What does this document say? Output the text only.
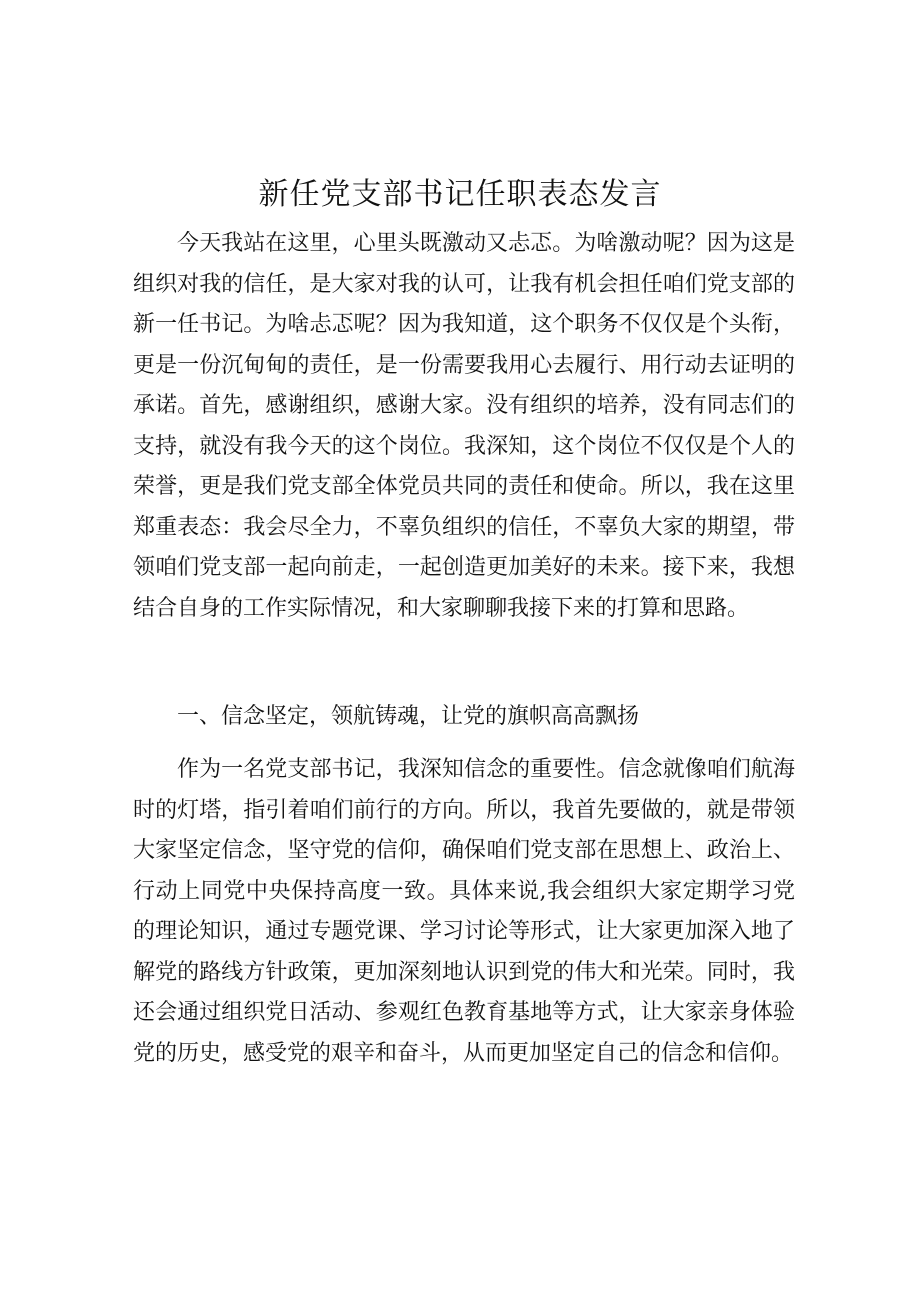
新任党支部书记任职表态发言

今天我站在这里，心里头既激动又忐忑。为啥激动呢？因为这是组织对我的信任，是大家对我的认可，让我有机会担任咱们党支部的新一任书记。为啥忐忑呢？因为我知道，这个职务不仅仅是个头衔，更是一份沉甸甸的责任，是一份需要我用心去履行、用行动去证明的承诺。首先，感谢组织，感谢大家。没有组织的培养，没有同志们的支持，就没有我今天的这个岗位。我深知，这个岗位不仅仅是个人的荣誉，更是我们党支部全体党员共同的责任和使命。所以，我在这里郑重表态：我会尽全力，不辜负组织的信任，不辜负大家的期望，带领咱们党支部一起向前走，一起创造更加美好的未来。接下来，我想结合自身的工作实际情况，和大家聊聊我接下来的打算和思路。

一、信念坚定，领航铸魂，让党的旗帜高高飘扬

作为一名党支部书记，我深知信念的重要性。信念就像咱们航海时的灯塔，指引着咱们前行的方向。所以，我首先要做的，就是带领大家坚定信念，坚守党的信仰，确保咱们党支部在思想上、政治上、行动上同党中央保持高度一致。具体来说,我会组织大家定期学习党的理论知识，通过专题党课、学习讨论等形式，让大家更加深入地了解党的路线方针政策，更加深刻地认识到党的伟大和光荣。同时，我还会通过组织党日活动、参观红色教育基地等方式，让大家亲身体验党的历史，感受党的艰辛和奋斗，从而更加坚定自己的信念和信仰。
